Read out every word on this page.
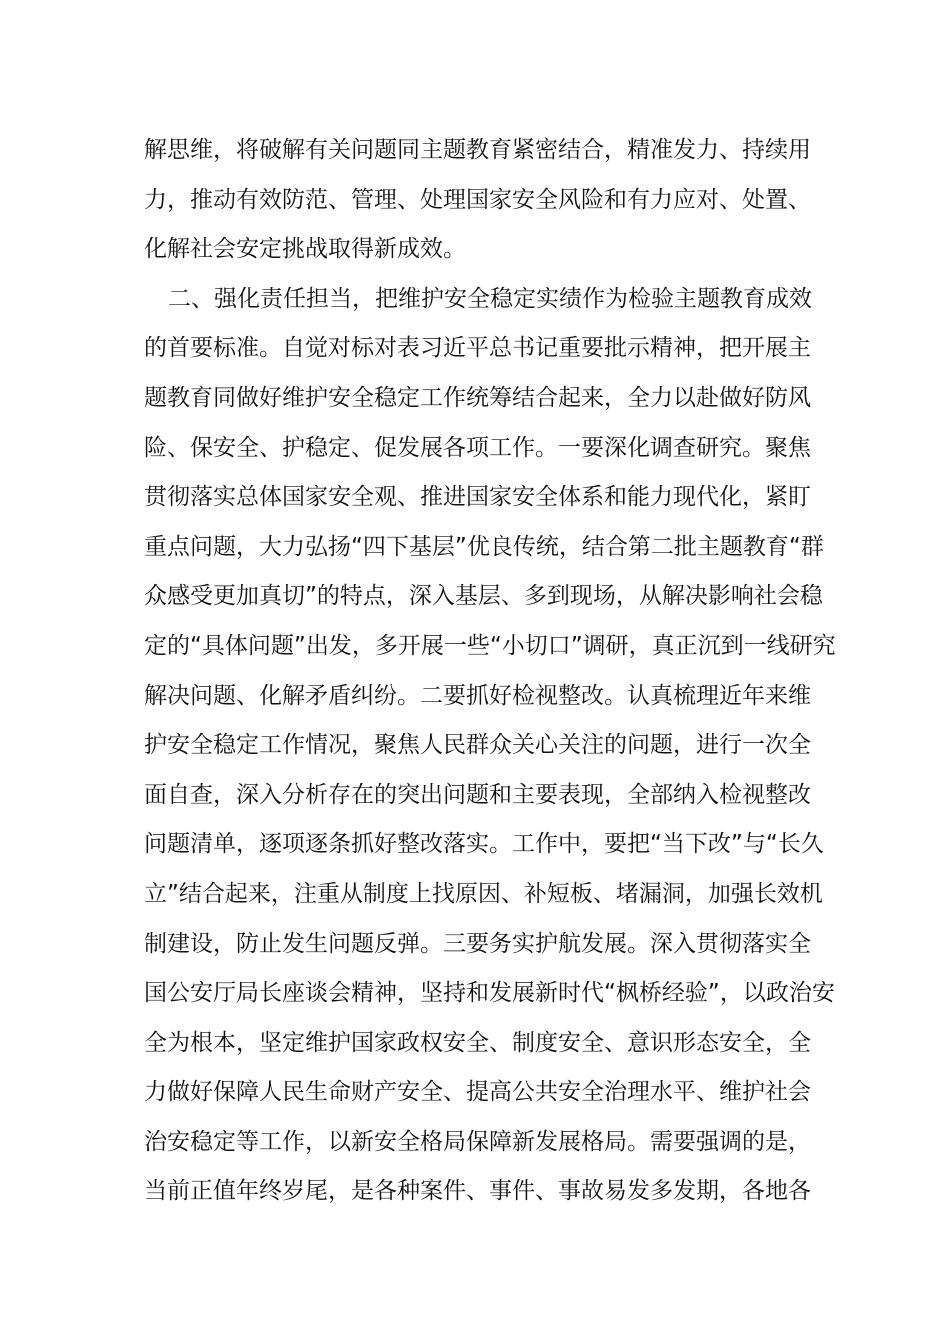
解思维，将破解有关问题同主题教育紧密结合，精准发力、持续用
力，推动有效防范、管理、处理国家安全风险和有力应对、处置、
化解社会安定挑战取得新成效。
二、强化责任担当，把维护安全稳定实绩作为检验主题教育成效
的首要标准。自觉对标对表习近平总书记重要批示精神，把开展主
题教育同做好维护安全稳定工作统筹结合起来，全力以赴做好防风
险、保安全、护稳定、促发展各项工作。一要深化调查研究。聚焦
贯彻落实总体国家安全观、推进国家安全体系和能力现代化，紧盯
重点问题，大力弘扬“四下基层”优良传统，结合第二批主题教育“群
众感受更加真切”的特点，深入基层、多到现场，从解决影响社会稳
定的“具体问题”出发，多开展一些“小切口”调研，真正沉到一线研究
解决问题、化解矛盾纠纷。二要抓好检视整改。认真梳理近年来维
护安全稳定工作情况，聚焦人民群众关心关注的问题，进行一次全
面自查，深入分析存在的突出问题和主要表现，全部纳入检视整改
问题清单，逐项逐条抓好整改落实。工作中，要把“当下改”与“长久
立”结合起来，注重从制度上找原因、补短板、堵漏洞，加强长效机
制建设，防止发生问题反弹。三要务实护航发展。深入贯彻落实全
国公安厅局长座谈会精神，坚持和发展新时代“枫桥经验”，以政治安
全为根本，坚定维护国家政权安全、制度安全、意识形态安全，全
力做好保障人民生命财产安全、提高公共安全治理水平、维护社会
治安稳定等工作，以新安全格局保障新发展格局。需要强调的是，
当前正值年终岁尾，是各种案件、事件、事故易发多发期，各地各
